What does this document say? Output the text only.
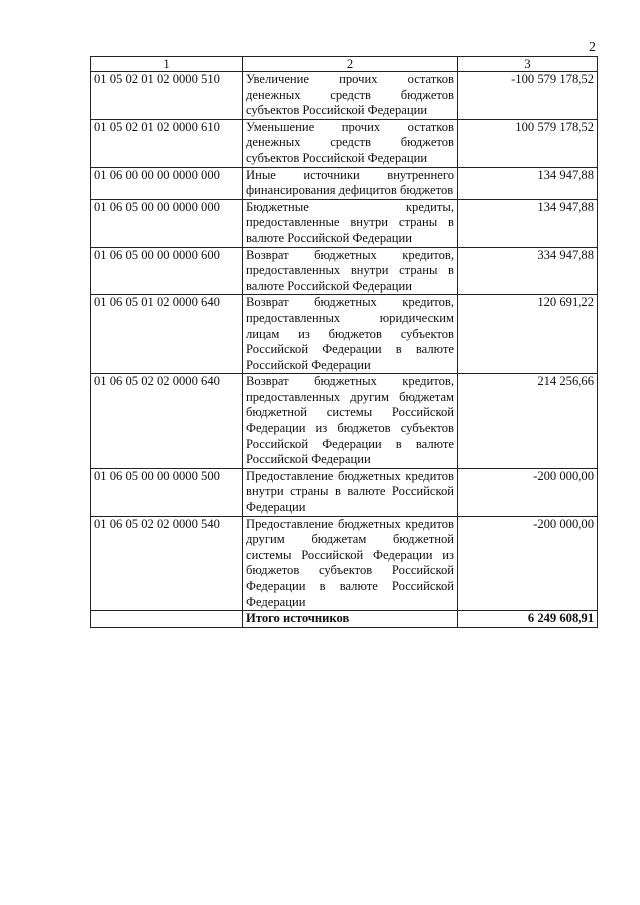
2
1	2	3
01 05 02 01 02 0000 510	Увеличение прочих остатков денежных средств бюджетов субъектов Российской Федерации	-100 579 178,52
01 05 02 01 02 0000 610	Уменьшение прочих остатков денежных средств бюджетов субъектов Российской Федерации	100 579 178,52
01 06 00 00 00 0000 000	Иные источники внутреннего финансирования дефицитов бюджетов	134 947,88
01 06 05 00 00 0000 000	Бюджетные кредиты, предоставленные внутри страны в валюте Российской Федерации	134 947,88
01 06 05 00 00 0000 600	Возврат бюджетных кредитов, предоставленных внутри страны в валюте Российской Федерации	334 947,88
01 06 05 01 02 0000 640	Возврат бюджетных кредитов, предоставленных юридическим лицам из бюджетов субъектов Российской Федерации в валюте Российской Федерации	120 691,22
01 06 05 02 02 0000 640	Возврат бюджетных кредитов, предоставленных другим бюджетам бюджетной системы Российской Федерации из бюджетов субъектов Российской Федерации в валюте Российской Федерации	214 256,66
01 06 05 00 00 0000 500	Предоставление бюджетных кредитов внутри страны в валюте Российской Федерации	-200 000,00
01 06 05 02 02 0000 540	Предоставление бюджетных кредитов другим бюджетам бюджетной системы Российской Федерации из бюджетов субъектов Российской Федерации в валюте Российской Федерации	-200 000,00
	Итого источников	6 249 608,91
